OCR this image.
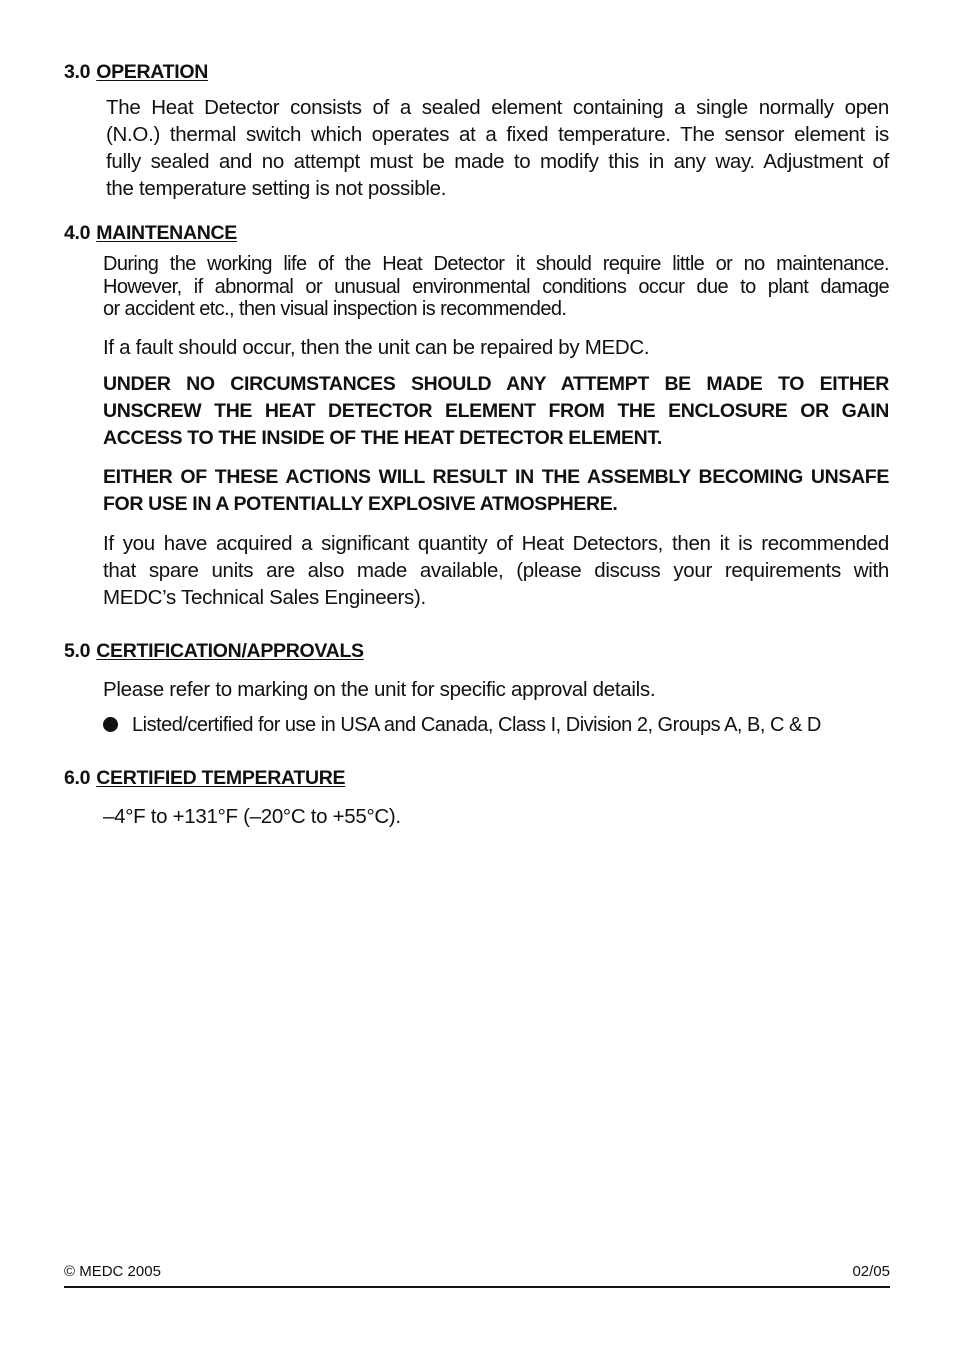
3.0 OPERATION
The Heat Detector consists of a sealed element containing a single normally open
(N.O.) thermal switch which operates at a fixed temperature. The sensor element is
fully sealed and no attempt must be made to modify this in any way. Adjustment of
the temperature setting is not possible.
4.0 MAINTENANCE
During the working life of the Heat Detector it should require little or no maintenance.
However, if abnormal or unusual environmental conditions occur due to plant damage
or accident etc., then visual inspection is recommended.
If a fault should occur, then the unit can be repaired by MEDC.
UNDER NO CIRCUMSTANCES SHOULD ANY ATTEMPT BE MADE TO EITHER
UNSCREW THE HEAT DETECTOR ELEMENT FROM THE ENCLOSURE OR GAIN
ACCESS TO THE INSIDE OF THE HEAT DETECTOR ELEMENT.
EITHER OF THESE ACTIONS WILL RESULT IN THE ASSEMBLY BECOMING UNSAFE
FOR USE IN A POTENTIALLY EXPLOSIVE ATMOSPHERE.
If you have acquired a significant quantity of Heat Detectors, then it is recommended
that spare units are also made available, (please discuss your requirements with
MEDC’s Technical Sales Engineers).
5.0 CERTIFICATION/APPROVALS
Please refer to marking on the unit for specific approval details.
Listed/certified for use in USA and Canada, Class I, Division 2, Groups A, B, C & D
6.0 CERTIFIED TEMPERATURE
–4°F to +131°F (–20°C to +55°C).
© MEDC 2005	02/05
